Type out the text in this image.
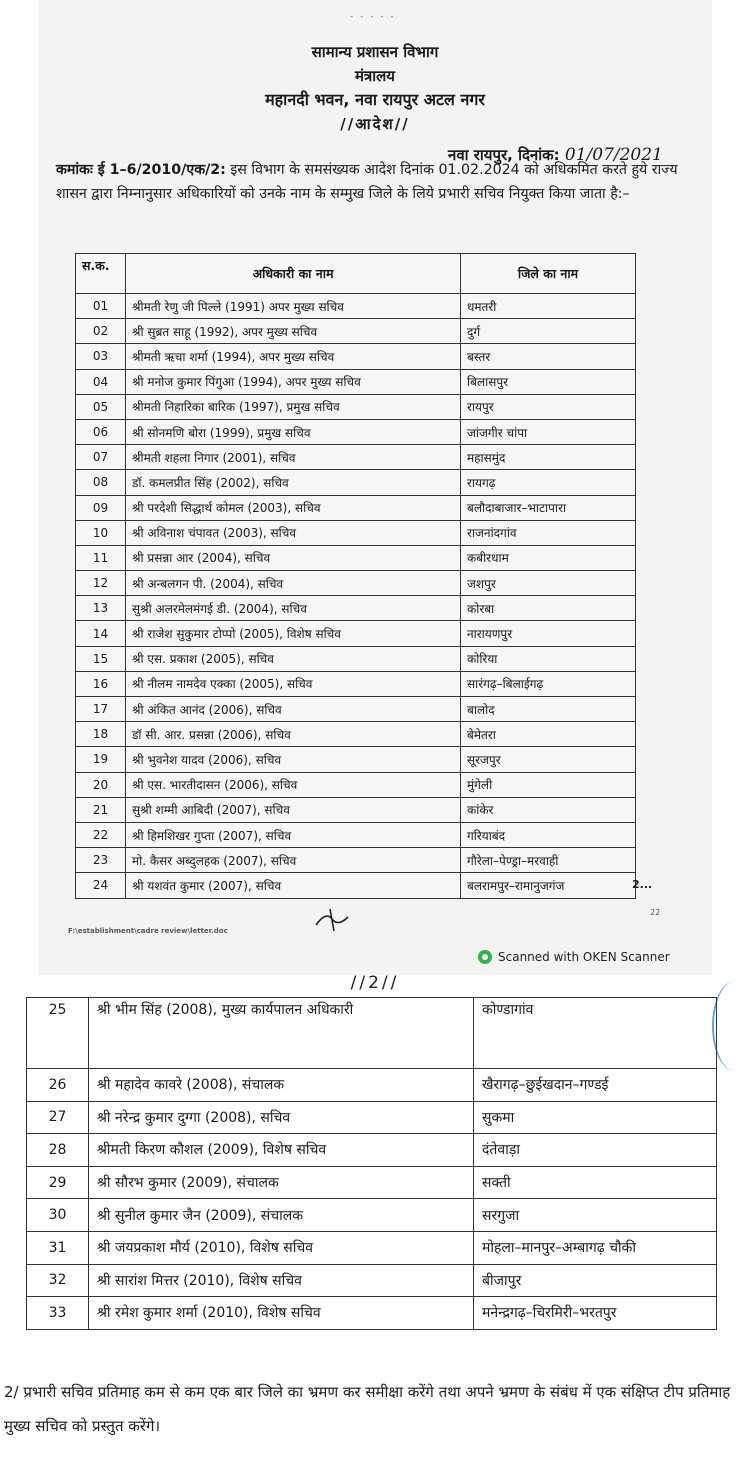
- - - - -
सामान्य प्रशासन विभाग
मंत्रालय
महानदी भवन, नवा रायपुर अटल नगर
//आदेश//
नवा रायपुर, दिनांक: 01/07/2021
कमांकः ई 1–6/2010/एक/2: इस विभाग के समसंख्यक आदेश दिनांक 01.02.2024 को अधिकमित करते हुये राज्य शासन द्वारा निम्नानुसार अधिकारियों को उनके नाम के सम्मुख जिले के लिये प्रभारी सचिव नियुक्त किया जाता है:–
स.क.	अधिकारी का नाम	जिले का नाम
01	श्रीमती रेणु जी पिल्ले (1991) अपर मुख्य सचिव	धमतरी
02	श्री सुब्रत साहू (1992), अपर मुख्य सचिव	दुर्ग
03	श्रीमती ऋचा शर्मा (1994), अपर मुख्य सचिव	बस्तर
04	श्री मनोज कुमार पिंगुआ (1994), अपर मुख्य सचिव	बिलासपुर
05	श्रीमती निहारिका बारिक (1997), प्रमुख सचिव	रायपुर
06	श्री सोनमणि बोरा (1999), प्रमुख सचिव	जांजगीर चांपा
07	श्रीमती शहला निगार (2001), सचिव	महासमुंद
08	डॉ. कमलप्रीत सिंह (2002), सचिव	रायगढ़
09	श्री परदेशी सिद्धार्थ कोमल (2003), सचिव	बलौदाबाजार–भाटापारा
10	श्री अविनाश चंपावत (2003), सचिव	राजनांदगांव
11	श्री प्रसन्ना आर (2004), सचिव	कबीरधाम
12	श्री अन्बलगन पी. (2004), सचिव	जशपुर
13	सुश्री अलरमेलमंगई डी. (2004), सचिव	कोरबा
14	श्री राजेश सुकुमार टोप्पो (2005), विशेष सचिव	नारायणपुर
15	श्री एस. प्रकाश (2005), सचिव	कोरिया
16	श्री नीलम नामदेव एक्का (2005), सचिव	सारंगढ़–बिलाईगढ़
17	श्री अंकित आनंद (2006), सचिव	बालोद
18	डॉ सी. आर. प्रसन्ना (2006), सचिव	बेमेतरा
19	श्री भुवनेश यादव (2006), सचिव	सूरजपुर
20	श्री एस. भारतीदासन (2006), सचिव	मुंगेली
21	सुश्री शम्मी आबिदी (2007), सचिव	कांकेर
22	श्री हिमशिखर गुप्ता (2007), सचिव	गरियाबंद
23	मो. कैसर अब्दुलहक (2007), सचिव	गौरेला–पेण्ड्रा–मरवाही
24	श्री यशवंत कुमार (2007), सचिव	बलरामपुर–रामानुजगंज	2...
22
F:\establishment\cadre review\letter.doc
Scanned with OKEN Scanner
//2//
25	श्री भीम सिंह (2008), मुख्य कार्यपालन अधिकारी	कोण्डागांव
26	श्री महादेव कावरे (2008), संचालक	खैरागढ़–छुईखदान–गण्डई
27	श्री नरेन्द्र कुमार दुग्गा (2008), सचिव	सुकमा
28	श्रीमती किरण कौशल (2009), विशेष सचिव	दंतेवाड़ा
29	श्री सौरभ कुमार (2009), संचालक	सक्ती
30	श्री सुनील कुमार जैन (2009), संचालक	सरगुजा
31	श्री जयप्रकाश मौर्य (2010), विशेष सचिव	मोहला–मानपुर–अम्बागढ़ चौकी
32	श्री सारांश मित्तर (2010), विशेष सचिव	बीजापुर
33	श्री रमेश कुमार शर्मा (2010), विशेष सचिव	मनेन्द्रगढ़–चिरमिरी–भरतपुर
2/ प्रभारी सचिव प्रतिमाह कम से कम एक बार जिले का भ्रमण कर समीक्षा करेंगे तथा अपने भ्रमण के संबंध में एक संक्षिप्त टीप प्रतिमाह मुख्य सचिव को प्रस्तुत करेंगे।
